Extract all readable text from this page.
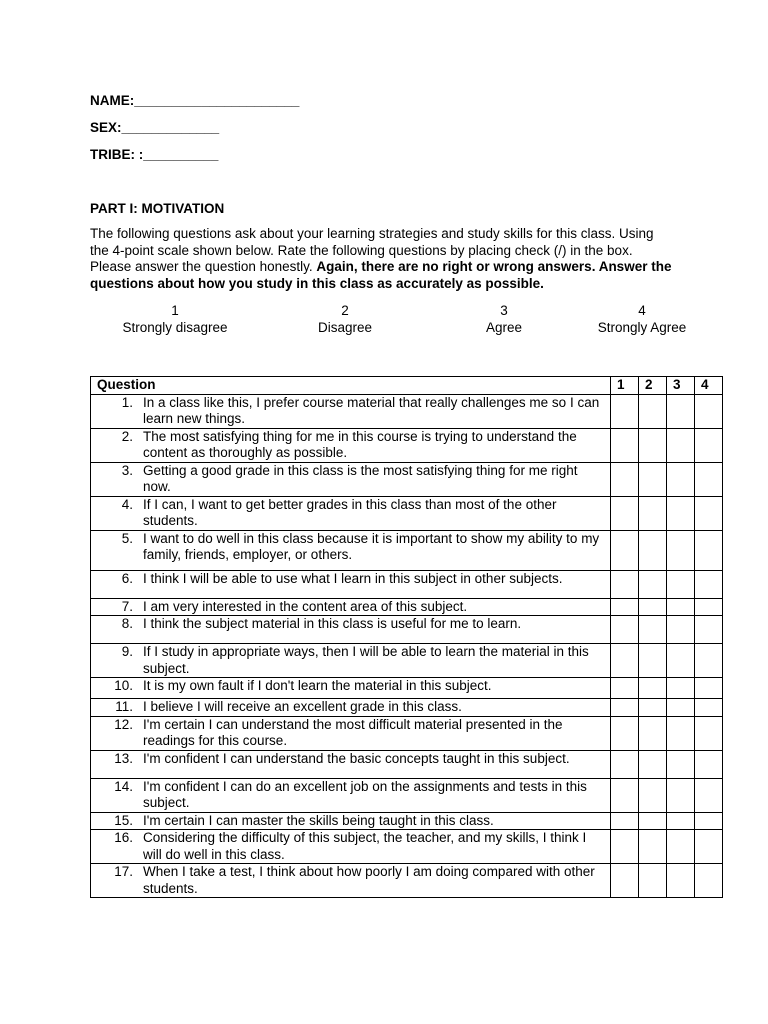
NAME:______________________
SEX:_____________
TRIBE: :__________
PART I: MOTIVATION
The following questions ask about your learning strategies and study skills for this class. Using the 4-point scale shown below. Rate the following questions by placing check (/) in the box. Please answer the question honestly. Again, there are no right or wrong answers. Answer the questions about how you study in this class as accurately as possible.
1
Strongly disagree
2
Disagree
3
Agree
4
Strongly Agree
Question	1	2	3	4

1. In a class like this, I prefer course material that really challenges me so I can learn new things.				

2. The most satisfying thing for me in this course is trying to understand the content as thoroughly as possible.				

3. Getting a good grade in this class is the most satisfying thing for me right now.				

4. If I can, I want to get better grades in this class than most of the other students.				

5. I want to do well in this class because it is important to show my ability to my family, friends, employer, or others.				

6. I think I will be able to use what I learn in this subject in other subjects.				

7. I am very interested in the content area of this subject.				

8. I think the subject material in this class is useful for me to learn.				

9. If I study in appropriate ways, then I will be able to learn the material in this subject.				

10. It is my own fault if I don't learn the material in this subject.				

11. I believe I will receive an excellent grade in this class.				

12. I'm certain I can understand the most difficult material presented in the readings for this course.				

13. I'm confident I can understand the basic concepts taught in this subject.				

14. I'm confident I can do an excellent job on the assignments and tests in this subject.				

15. I'm certain I can master the skills being taught in this class.				

16. Considering the difficulty of this subject, the teacher, and my skills, I think I will do well in this class.				

17. When I take a test, I think about how poorly I am doing compared with other students.				
